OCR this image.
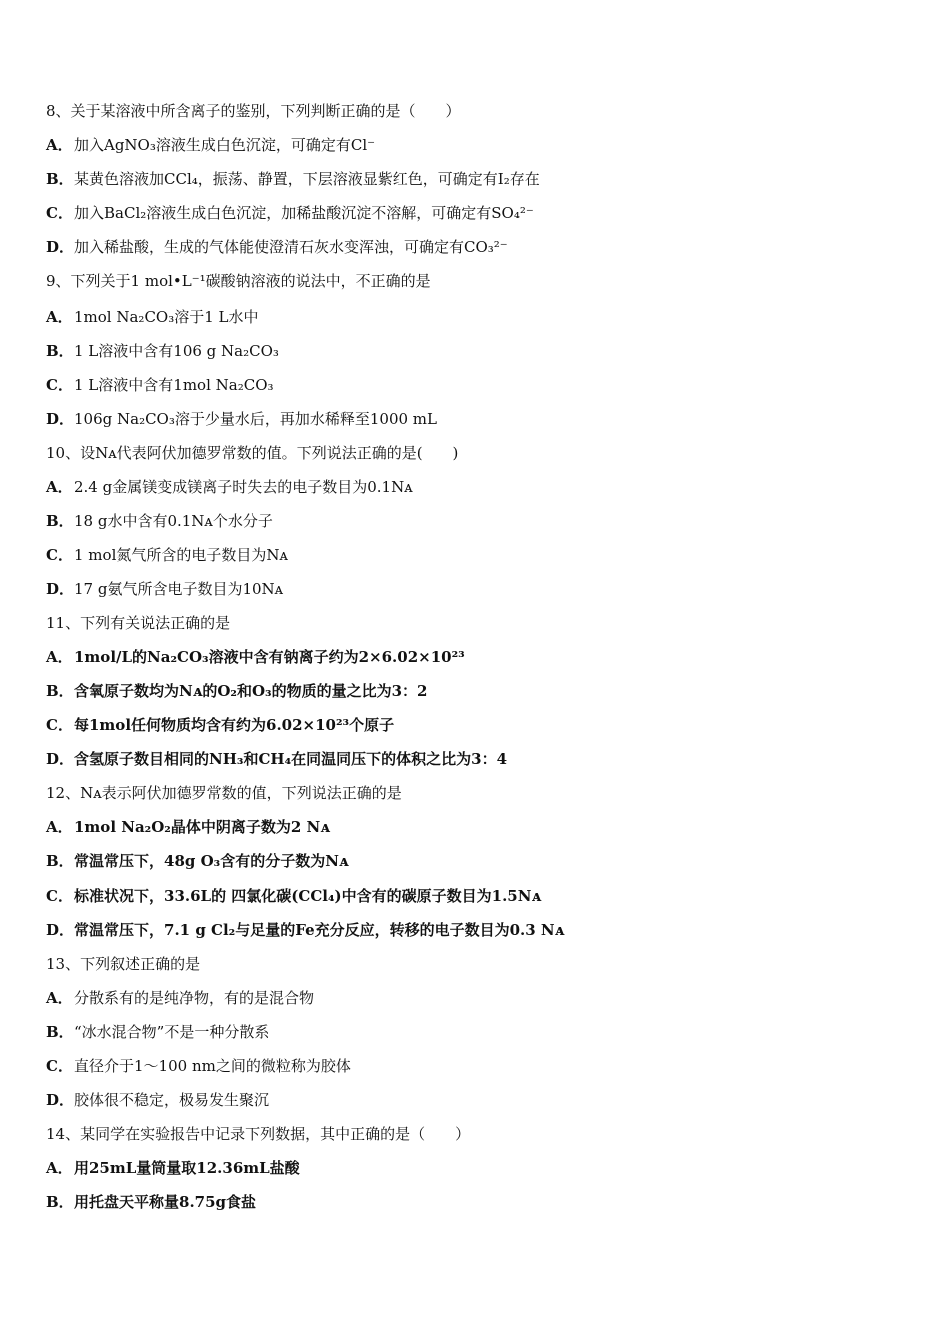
8、关于某溶液中所含离子的鉴别，下列判断正确的是（　　）
A．加入AgNO₃溶液生成白色沉淀，可确定有Cl⁻
B．某黄色溶液加CCl₄，振荡、静置，下层溶液显紫红色，可确定有I₂存在
C．加入BaCl₂溶液生成白色沉淀，加稀盐酸沉淀不溶解，可确定有SO₄²⁻
D．加入稀盐酸，生成的气体能使澄清石灰水变浑浊，可确定有CO₃²⁻
9、下列关于1 mol•L⁻¹碳酸钠溶液的说法中，不正确的是
A．1mol Na₂CO₃溶于1 L水中
B．1 L溶液中含有106 g Na₂CO₃
C．1 L溶液中含有1mol Na₂CO₃
D．106g Na₂CO₃溶于少量水后，再加水稀释至1000 mL
10、设Nᴀ代表阿伏加德罗常数的值。下列说法正确的是(　　)
A．2.4 g金属镁变成镁离子时失去的电子数目为0.1Nᴀ
B．18 g水中含有0.1Nᴀ个水分子
C．1 mol氮气所含的电子数目为Nᴀ
D．17 g氨气所含电子数目为10Nᴀ
11、下列有关说法正确的是
A．1mol/L的Na₂CO₃溶液中含有钠离子约为2×6.02×10²³
B．含氧原子数均为Nᴀ的O₂和O₃的物质的量之比为3：2
C．每1mol任何物质均含有约为6.02×10²³个原子
D．含氢原子数目相同的NH₃和CH₄在同温同压下的体积之比为3：4
12、Nᴀ表示阿伏加德罗常数的值，下列说法正确的是
A．1mol Na₂O₂晶体中阴离子数为2 Nᴀ
B．常温常压下，48g O₃含有的分子数为Nᴀ
C．标准状况下，33.6L的 四氯化碳(CCl₄)中含有的碳原子数目为1.5Nᴀ
D．常温常压下，7.1 g Cl₂与足量的Fe充分反应，转移的电子数目为0.3 Nᴀ
13、下列叙述正确的是
A．分散系有的是纯净物，有的是混合物
B．“冰水混合物”不是一种分散系
C．直径介于1～100 nm之间的微粒称为胶体
D．胶体很不稳定，极易发生聚沉
14、某同学在实验报告中记录下列数据，其中正确的是（　　）
A．用25mL量筒量取12.36mL盐酸
B．用托盘天平称量8.75g食盐
